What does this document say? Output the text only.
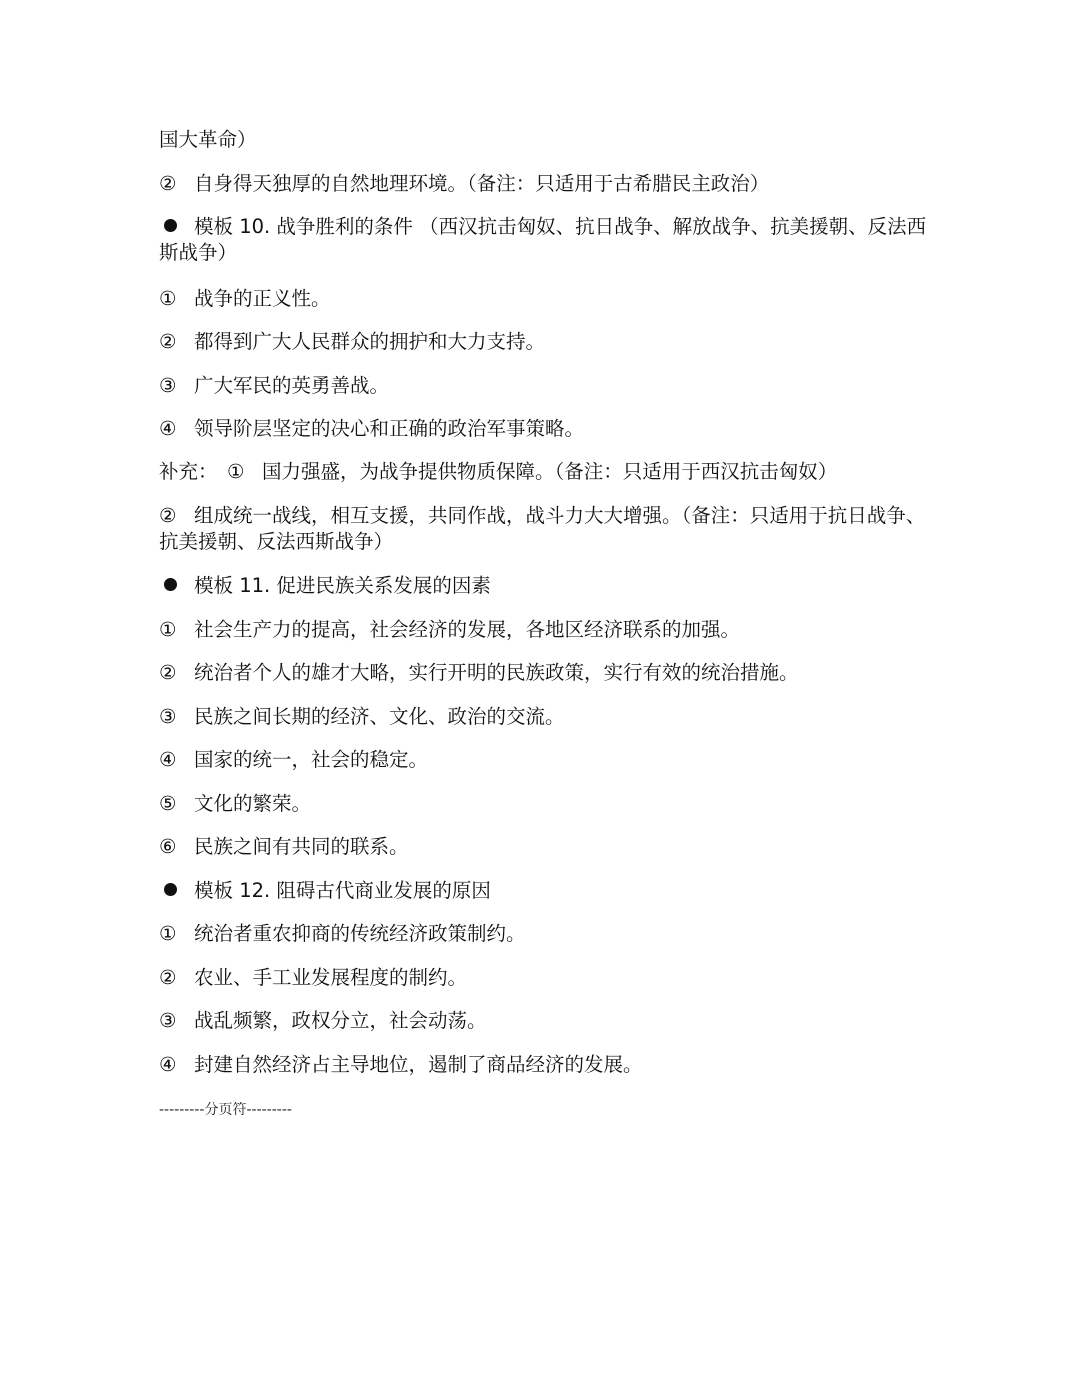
国大革命）
② 自身得天独厚的自然地理环境。（备注：只适用于古希腊民主政治）
模板 10. 战争胜利的条件 （西汉抗击匈奴、抗日战争、解放战争、抗美援朝、反法西斯战争）
① 战争的正义性。
② 都得到广大人民群众的拥护和大力支持。
③ 广大军民的英勇善战。
④ 领导阶层坚定的决心和正确的政治军事策略。
补充： ① 国力强盛，为战争提供物质保障。（备注：只适用于西汉抗击匈奴）
② 组成统一战线，相互支援，共同作战，战斗力大大增强。（备注：只适用于抗日战争、抗美援朝、反法西斯战争）
模板 11. 促进民族关系发展的因素
① 社会生产力的提高，社会经济的发展，各地区经济联系的加强。
② 统治者个人的雄才大略，实行开明的民族政策，实行有效的统治措施。
③ 民族之间长期的经济、文化、政治的交流。
④ 国家的统一，社会的稳定。
⑤ 文化的繁荣。
⑥ 民族之间有共同的联系。
模板 12. 阻碍古代商业发展的原因
① 统治者重农抑商的传统经济政策制约。
② 农业、手工业发展程度的制约。
③ 战乱频繁，政权分立，社会动荡。
④ 封建自然经济占主导地位，遏制了商品经济的发展。
---------分页符---------
